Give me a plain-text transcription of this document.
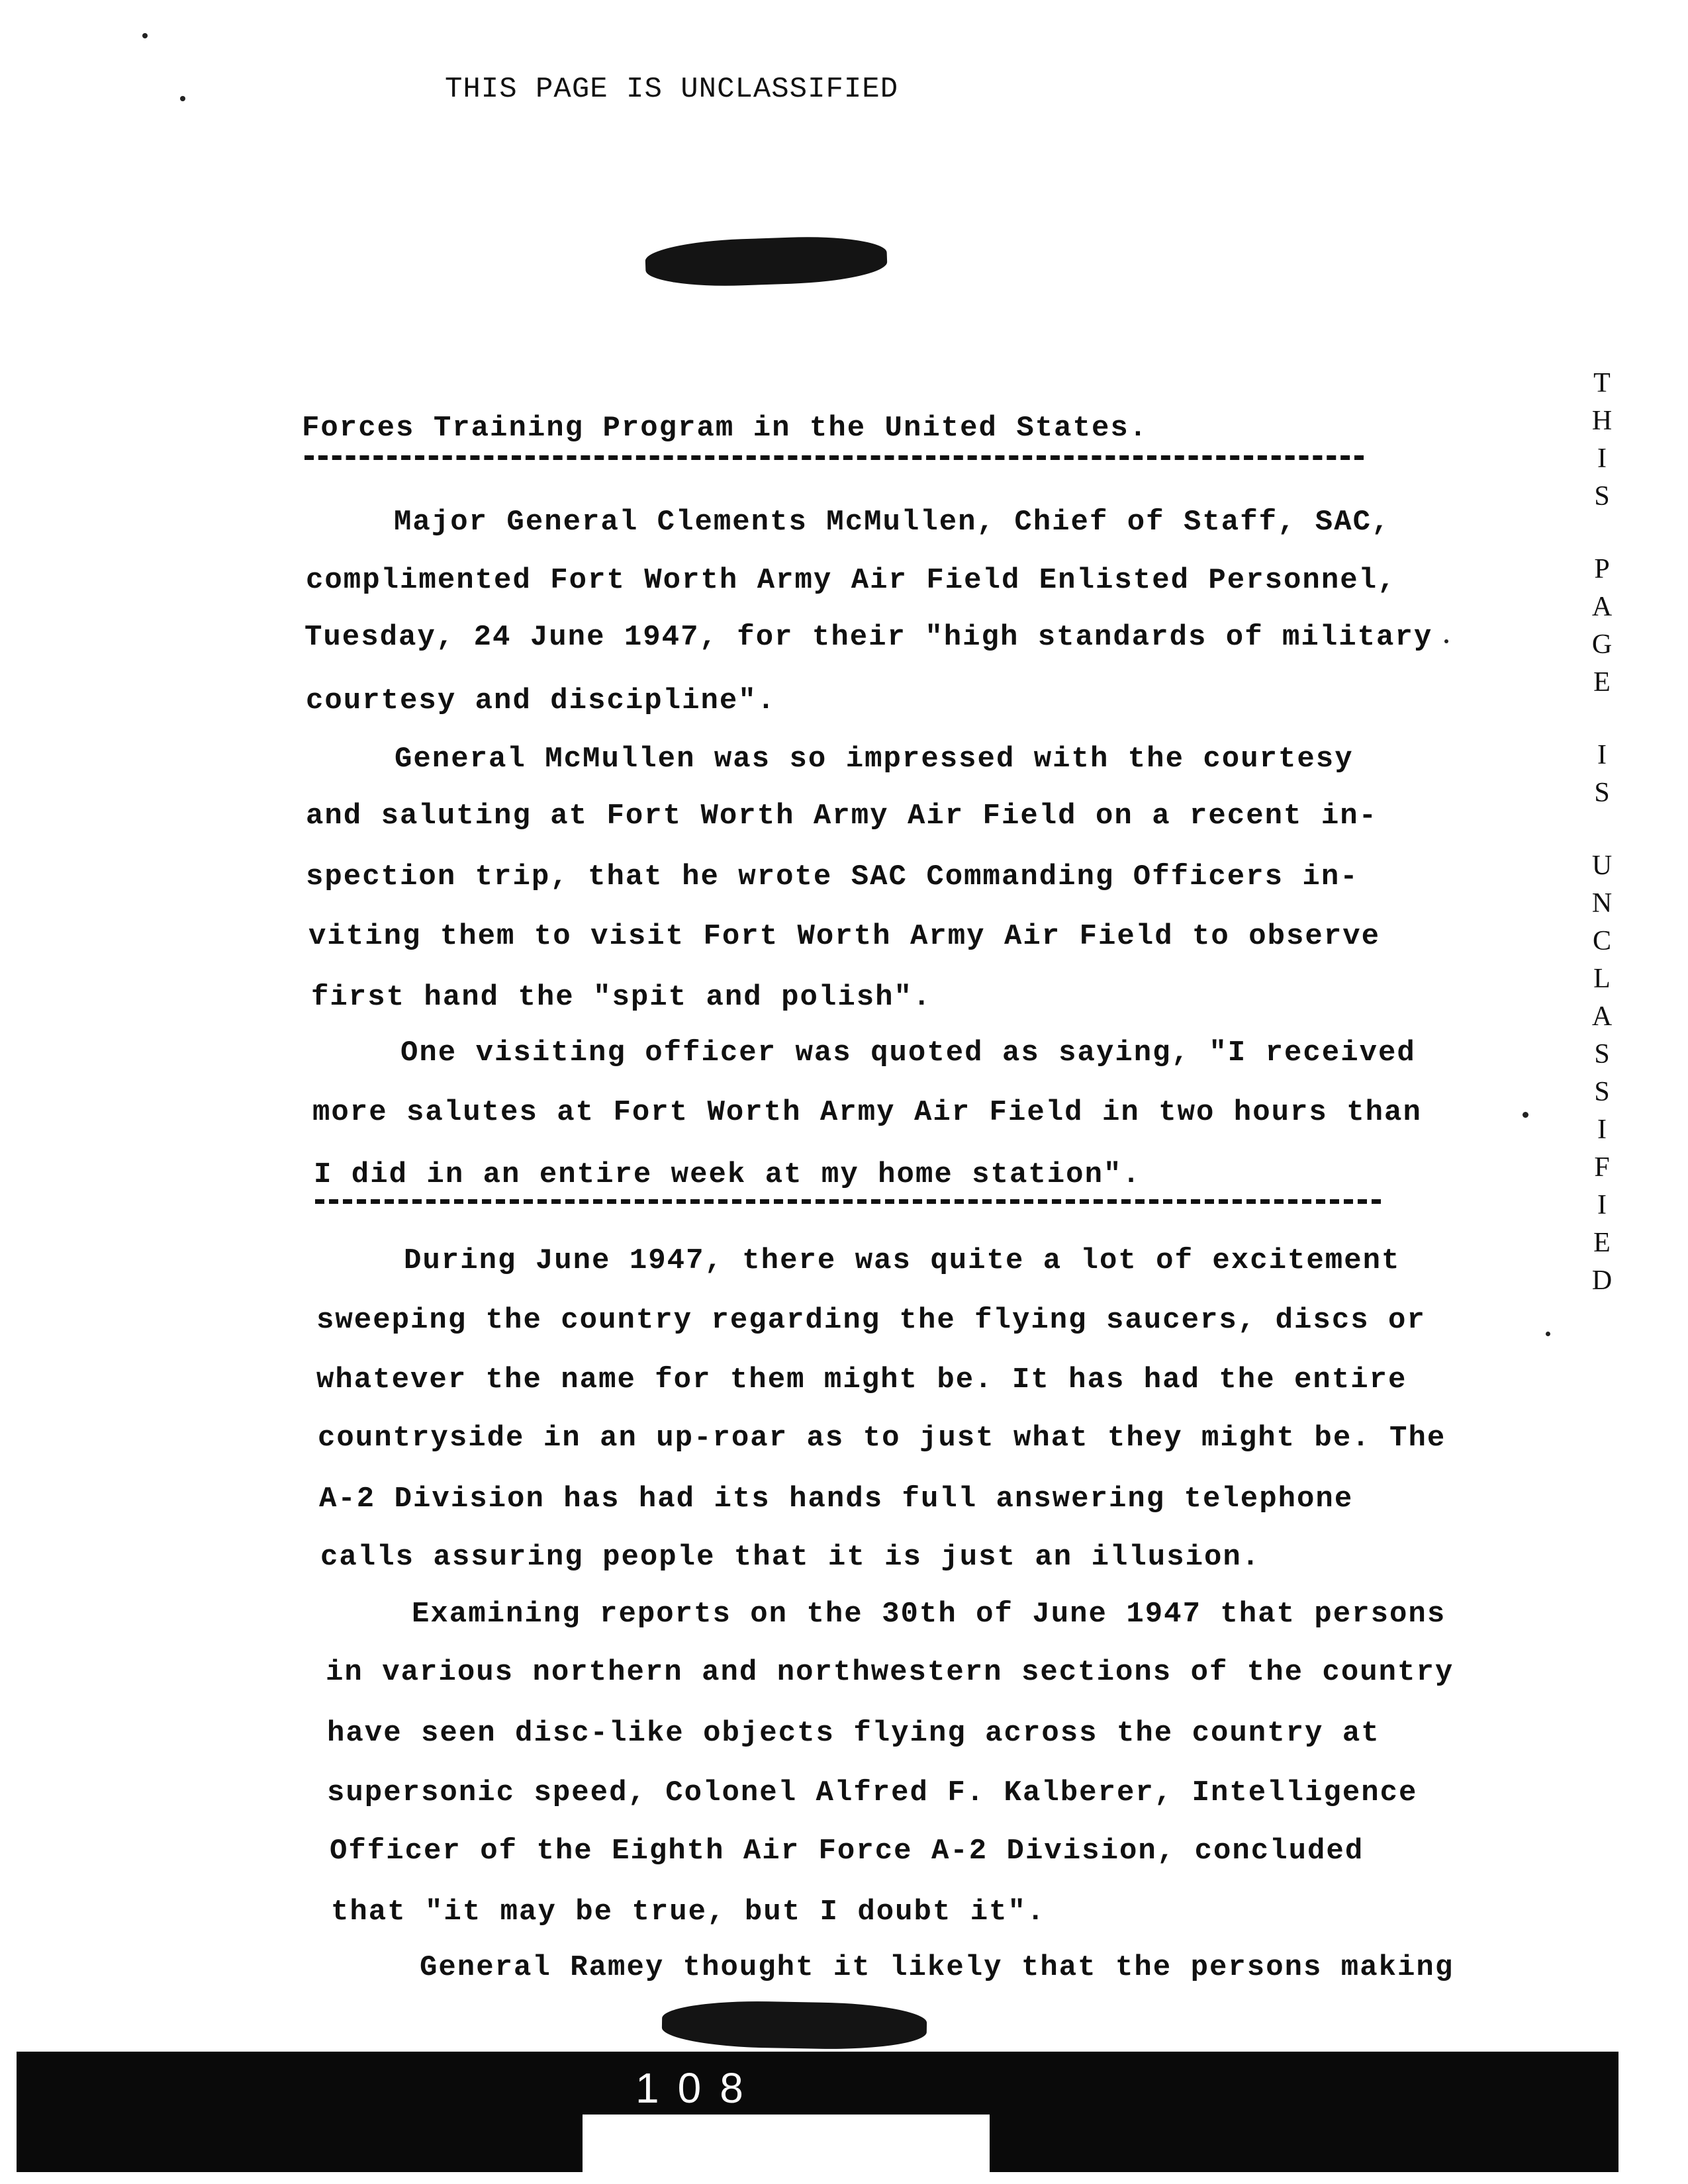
THIS PAGE IS UNCLASSIFIED
Forces Training Program in the United States.
Major General Clements McMullen, Chief of Staff, SAC,
complimented Fort Worth Army Air Field Enlisted Personnel,
Tuesday, 24 June 1947, for their "high standards of military
courtesy and discipline".
General McMullen was so impressed with the courtesy
and saluting at Fort Worth Army Air Field on a recent in-
spection trip, that he wrote SAC Commanding Officers in-
viting them to visit Fort Worth Army Air Field to observe
first hand the "spit and polish".
One visiting officer was quoted as saying, "I received
more salutes at Fort Worth Army Air Field in two hours than
I did in an entire week at my home station".
During June 1947, there was quite a lot of excitement
sweeping the country regarding the flying saucers, discs or
whatever the name for them might be. It has had the entire
countryside in an up-roar as to just what they might be. The
A-2 Division has had its hands full answering telephone
calls assuring people that it is just an illusion.
Examining reports on the 30th of June 1947 that persons
in various northern and northwestern sections of the country
have seen disc-like objects flying across the country at
supersonic speed, Colonel Alfred F. Kalberer, Intelligence
Officer of the Eighth Air Force A-2 Division, concluded
that "it may be true, but I doubt it".
General Ramey thought it likely that the persons making
THIS
PAGE
IS
UNCLASSIFIED
108
